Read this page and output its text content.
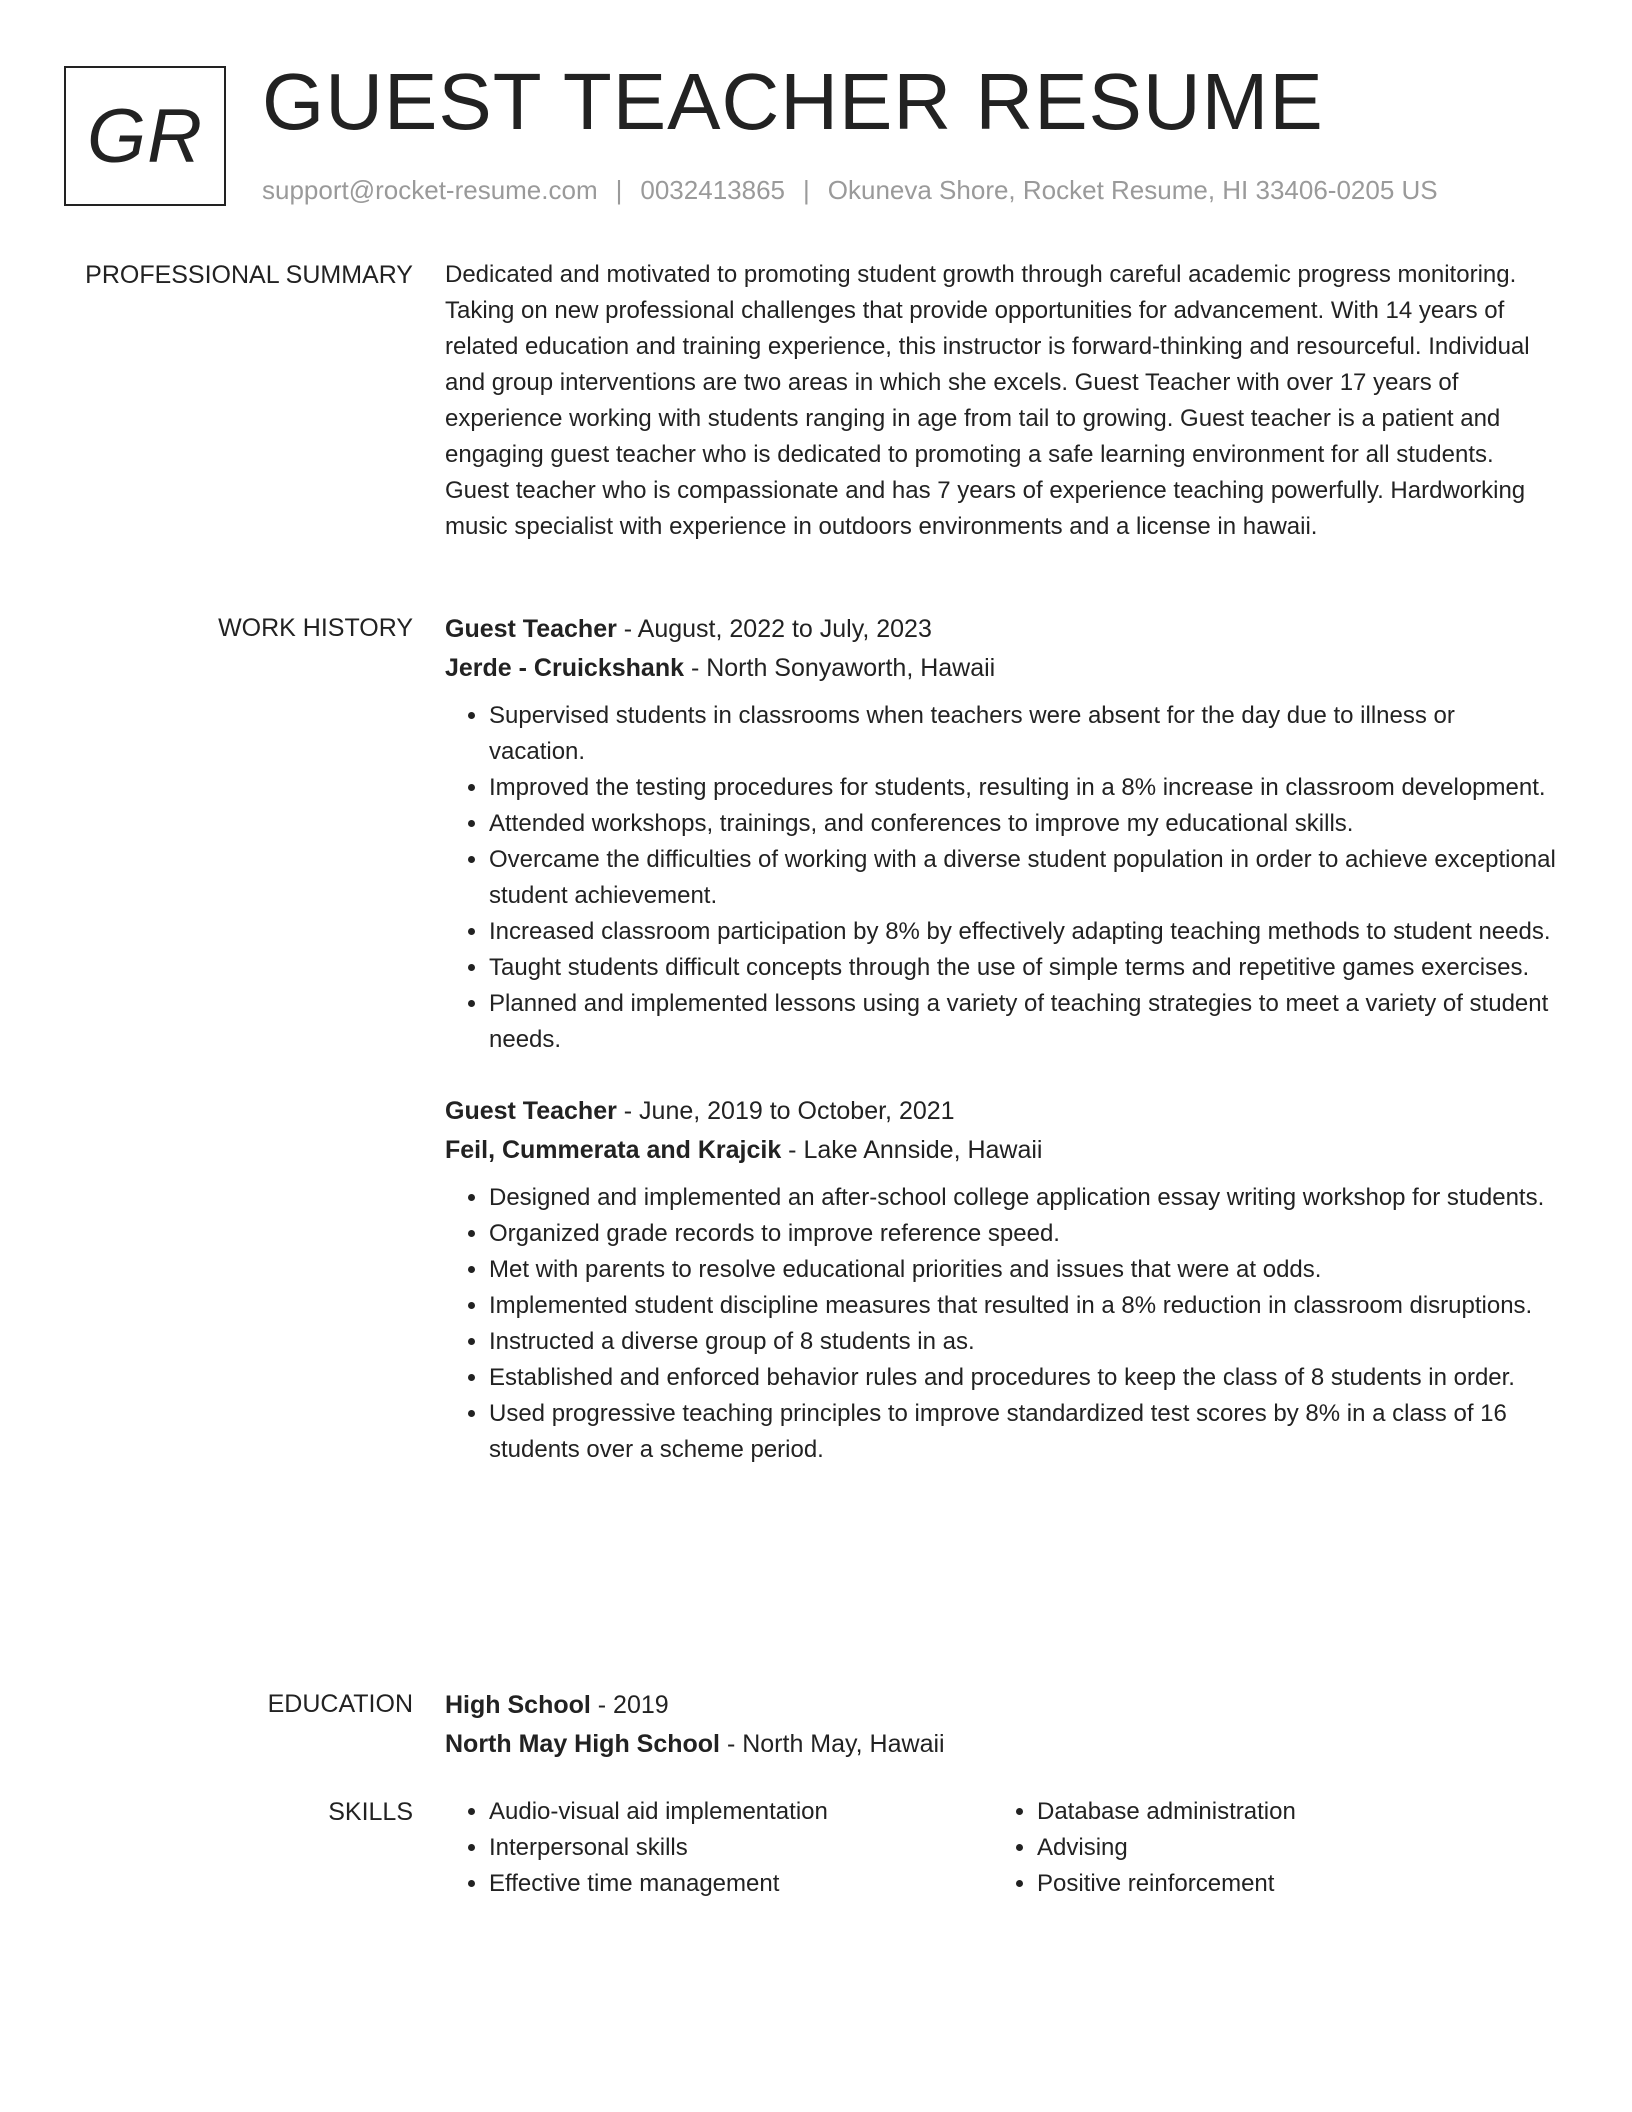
GR GUEST TEACHER RESUME
support@rocket-resume.com | 0032413865 | Okuneva Shore, Rocket Resume, HI 33406-0205 US
PROFESSIONAL SUMMARY Dedicated and motivated to promoting student growth through careful academic progress monitoring. Taking on new professional challenges that provide opportunities for advancement. With 14 years of related education and training experience, this instructor is forward-thinking and resourceful. Individual and group interventions are two areas in which she excels. Guest Teacher with over 17 years of experience working with students ranging in age from tail to growing. Guest teacher is a patient and engaging guest teacher who is dedicated to promoting a safe learning environment for all students. Guest teacher who is compassionate and has 7 years of experience teaching powerfully. Hardworking music specialist with experience in outdoors environments and a license in hawaii.

WORK HISTORY Guest Teacher - August, 2022 to July, 2023
Jerde - Cruickshank - North Sonyaworth, Hawaii
• Supervised students in classrooms when teachers were absent for the day due to illness or vacation.
• Improved the testing procedures for students, resulting in a 8% increase in classroom development.
• Attended workshops, trainings, and conferences to improve my educational skills.
• Overcame the difficulties of working with a diverse student population in order to achieve exceptional student achievement.
• Increased classroom participation by 8% by effectively adapting teaching methods to student needs.
• Taught students difficult concepts through the use of simple terms and repetitive games exercises.
• Planned and implemented lessons using a variety of teaching strategies to meet a variety of student needs.
Guest Teacher - June, 2019 to October, 2021
Feil, Cummerata and Krajcik - Lake Annside, Hawaii
• Designed and implemented an after-school college application essay writing workshop for students.
• Organized grade records to improve reference speed.
• Met with parents to resolve educational priorities and issues that were at odds.
• Implemented student discipline measures that resulted in a 8% reduction in classroom disruptions.
• Instructed a diverse group of 8 students in as.
• Established and enforced behavior rules and procedures to keep the class of 8 students in order.
• Used progressive teaching principles to improve standardized test scores by 8% in a class of 16 students over a scheme period.
EDUCATION High School - 2019
North May High School - North May, Hawaii
SKILLS
•	Audio-visual aid implementation
• Interpersonal skills
• Effective time management
• Database administration
• Advising
• Positive reinforcement
